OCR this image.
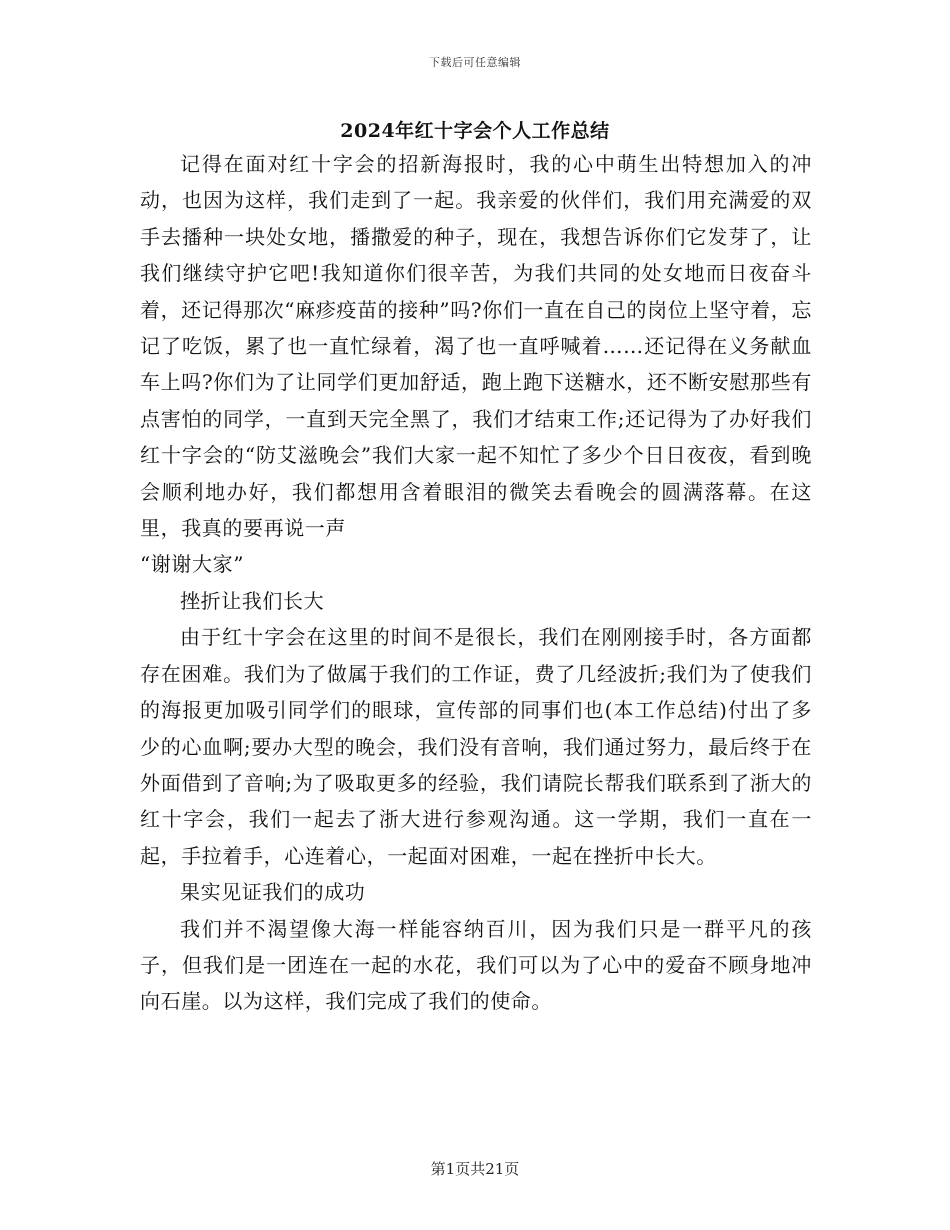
下载后可任意编辑
2024年红十字会个人工作总结

记得在面对红十字会的招新海报时，我的心中萌生出特想加入的冲动，也因为这样，我们走到了一起。我亲爱的伙伴们，我们用充满爱的双手去播种一块处女地，播撒爱的种子，现在，我想告诉你们它发芽了，让我们继续守护它吧!我知道你们很辛苦，为我们共同的处女地而日夜奋斗着，还记得那次“麻疹疫苗的接种”吗?你们一直在自己的岗位上坚守着，忘记了吃饭，累了也一直忙绿着，渴了也一直呼喊着……还记得在义务献血车上吗?你们为了让同学们更加舒适，跑上跑下送糖水，还不断安慰那些有点害怕的同学，一直到天完全黑了，我们才结束工作;还记得为了办好我们红十字会的“防艾滋晚会”我们大家一起不知忙了多少个日日夜夜，看到晚会顺利地办好，我们都想用含着眼泪的微笑去看晚会的圆满落幕。在这里，我真的要再说一声

“谢谢大家”

挫折让我们长大

由于红十字会在这里的时间不是很长，我们在刚刚接手时，各方面都存在困难。我们为了做属于我们的工作证，费了几经波折;我们为了使我们的海报更加吸引同学们的眼球，宣传部的同事们也(本工作总结)付出了多少的心血啊;要办大型的晚会，我们没有音响，我们通过努力，最后终于在外面借到了音响;为了吸取更多的经验，我们请院长帮我们联系到了浙大的红十字会，我们一起去了浙大进行参观沟通。这一学期，我们一直在一起，手拉着手，心连着心，一起面对困难，一起在挫折中长大。

果实见证我们的成功

我们并不渴望像大海一样能容纳百川，因为我们只是一群平凡的孩子，但我们是一团连在一起的水花，我们可以为了心中的爱奋不顾身地冲向石崖。以为这样，我们完成了我们的使命。

第1页共21页
